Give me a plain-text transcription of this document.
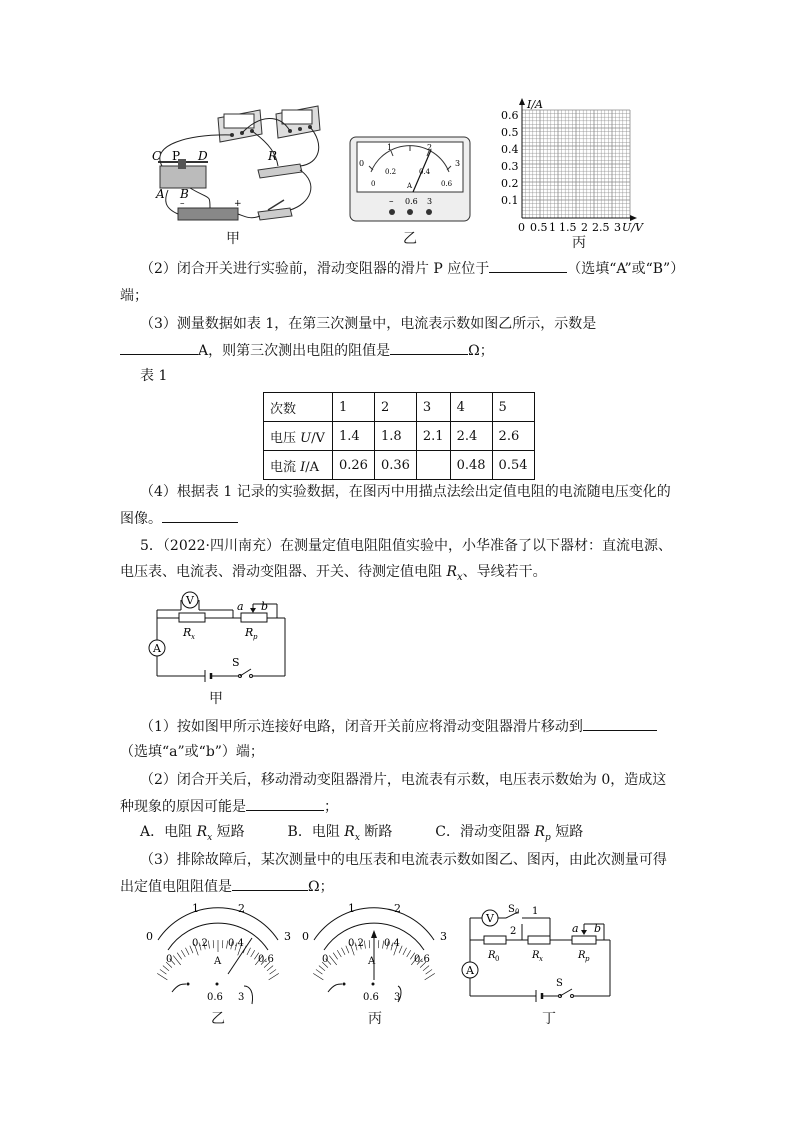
R
C P D
A B
–	+
甲
0
1	2
3
0
0.2	0.4
0.6
A
– 0.6 3
乙
I/A
0.6
0.5
0.4
0.3
0.2
0.1
0 0.5 1 1.5 2 2.5 3 U/V
丙
（2）闭合开关进行实验前，滑动变阻器的滑片 P 应位于	（选填“A”或“B”）
端；
（3）测量数据如表 1，在第三次测量中，电流表示数如图乙所示，示数是
A，则第三次测出电阻的阻值是	Ω；
表 1
次数	1	2	3	4	5
电压 U/V	1.4	1.8	2.1	2.4	2.6
电流 I/A	0.26	0.36		0.48	0.54
（4）根据表 1 记录的实验数据，在图丙中用描点法绘出定值电阻的电流随电压变化的
图像。
5．（2022·四川南充）在测量定值电阻阻值实验中，小华准备了以下器材：直流电源、
电压表、电流表、滑动变阻器、开关、待测定值电阻 $R_x$、导线若干。
V
A
R x	R p
a b
S
甲
（1）按如图甲所示连接好电路，闭音开关前应将滑动变阻器滑片移动到
（选填“a”或“b”）端；
（2）闭合开关后，移动滑动变阻器滑片，电流表有示数，电压表示数始为 0，造成这
种现象的原因可能是	；
A．电阻 $R_x$ 短路	B．电阻 $R_x$ 断路	C．滑动变阻器 $R_p$ 短路
（3）排除故障后，某次测量中的电压表和电流表示数如图乙、图丙，由此次测量可得
出定值电阻阻值是	Ω；
0
1	2
3
0
0.2 0.4
0.6
A
0.6 3
乙
0
1	2
3
0
0.2 0.4
0.6
A
0.6 3
丙
V
A
S 0 1
2
R 0	R x
a b
R p
S
丁
